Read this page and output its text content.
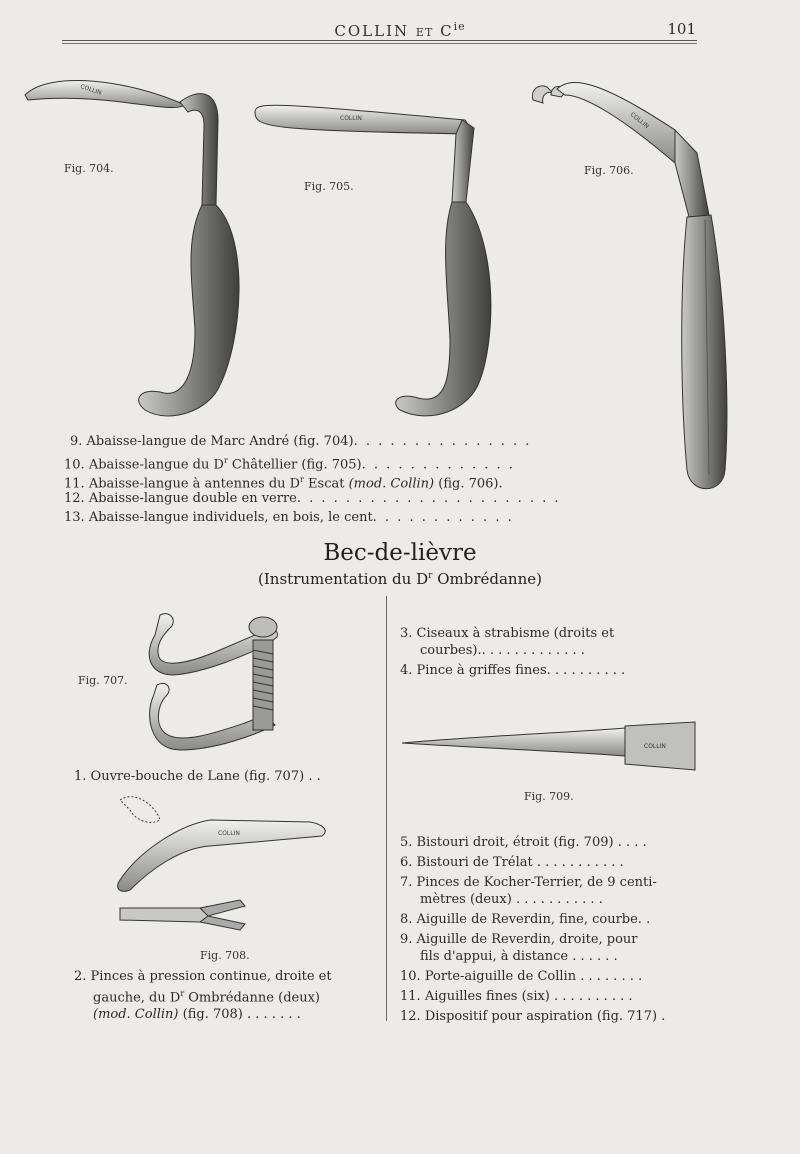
COLLIN ET $C^{ie}$	101
COLLIN
Fig. 704.
COLLIN
Fig. 705.
COLLIN
Fig. 706.
9. Abaisse-langue de Marc André (fig. 704). . . . . . . . . . . . . . .
10. Abaisse-langue du $D^r$ Châtellier (fig. 705). . . . . . . . . . . . .
11. Abaisse-langue à antennes du $D^r$ Escat (mod. Collin) (fig. 706).
12. Abaisse-langue double en verre. . . . . . . . . . . . . . . . . . . . . .
13. Abaisse-langue individuels, en bois, le cent. . . . . . . . . . . .
Bec-de-lièvre
(Instrumentation du $D^r$ Ombrédanne)
Fig. 707.
1. Ouvre-bouche de Lane (fig. 707) . .
COLLIN
Fig. 708.
2. Pinces à pression continue, droite et
gauche, du $D^r$ Ombrédanne (deux)
(mod. Collin) (fig. 708) . . . . . . .
3. Ciseaux à strabisme (droits et
courbes).. . . . . . . . . . . . .
4. Pince à griffes fines. . . . . . . . . .
COLLIN
Fig. 709.
5. Bistouri droit, étroit (fig. 709) . . . .
6. Bistouri de Trélat . . . . . . . . . . .
7. Pinces de Kocher-Terrier, de 9 centi-
mètres (deux) . . . . . . . . . . .
8. Aiguille de Reverdin, fine, courbe. .
9. Aiguille de Reverdin, droite, pour
fils d'appui, à distance . . . . . .
10. Porte-aiguille de Collin . . . . . . . .
11. Aiguilles fines (six) . . . . . . . . . .
12. Dispositif pour aspiration (fig. 717) .
